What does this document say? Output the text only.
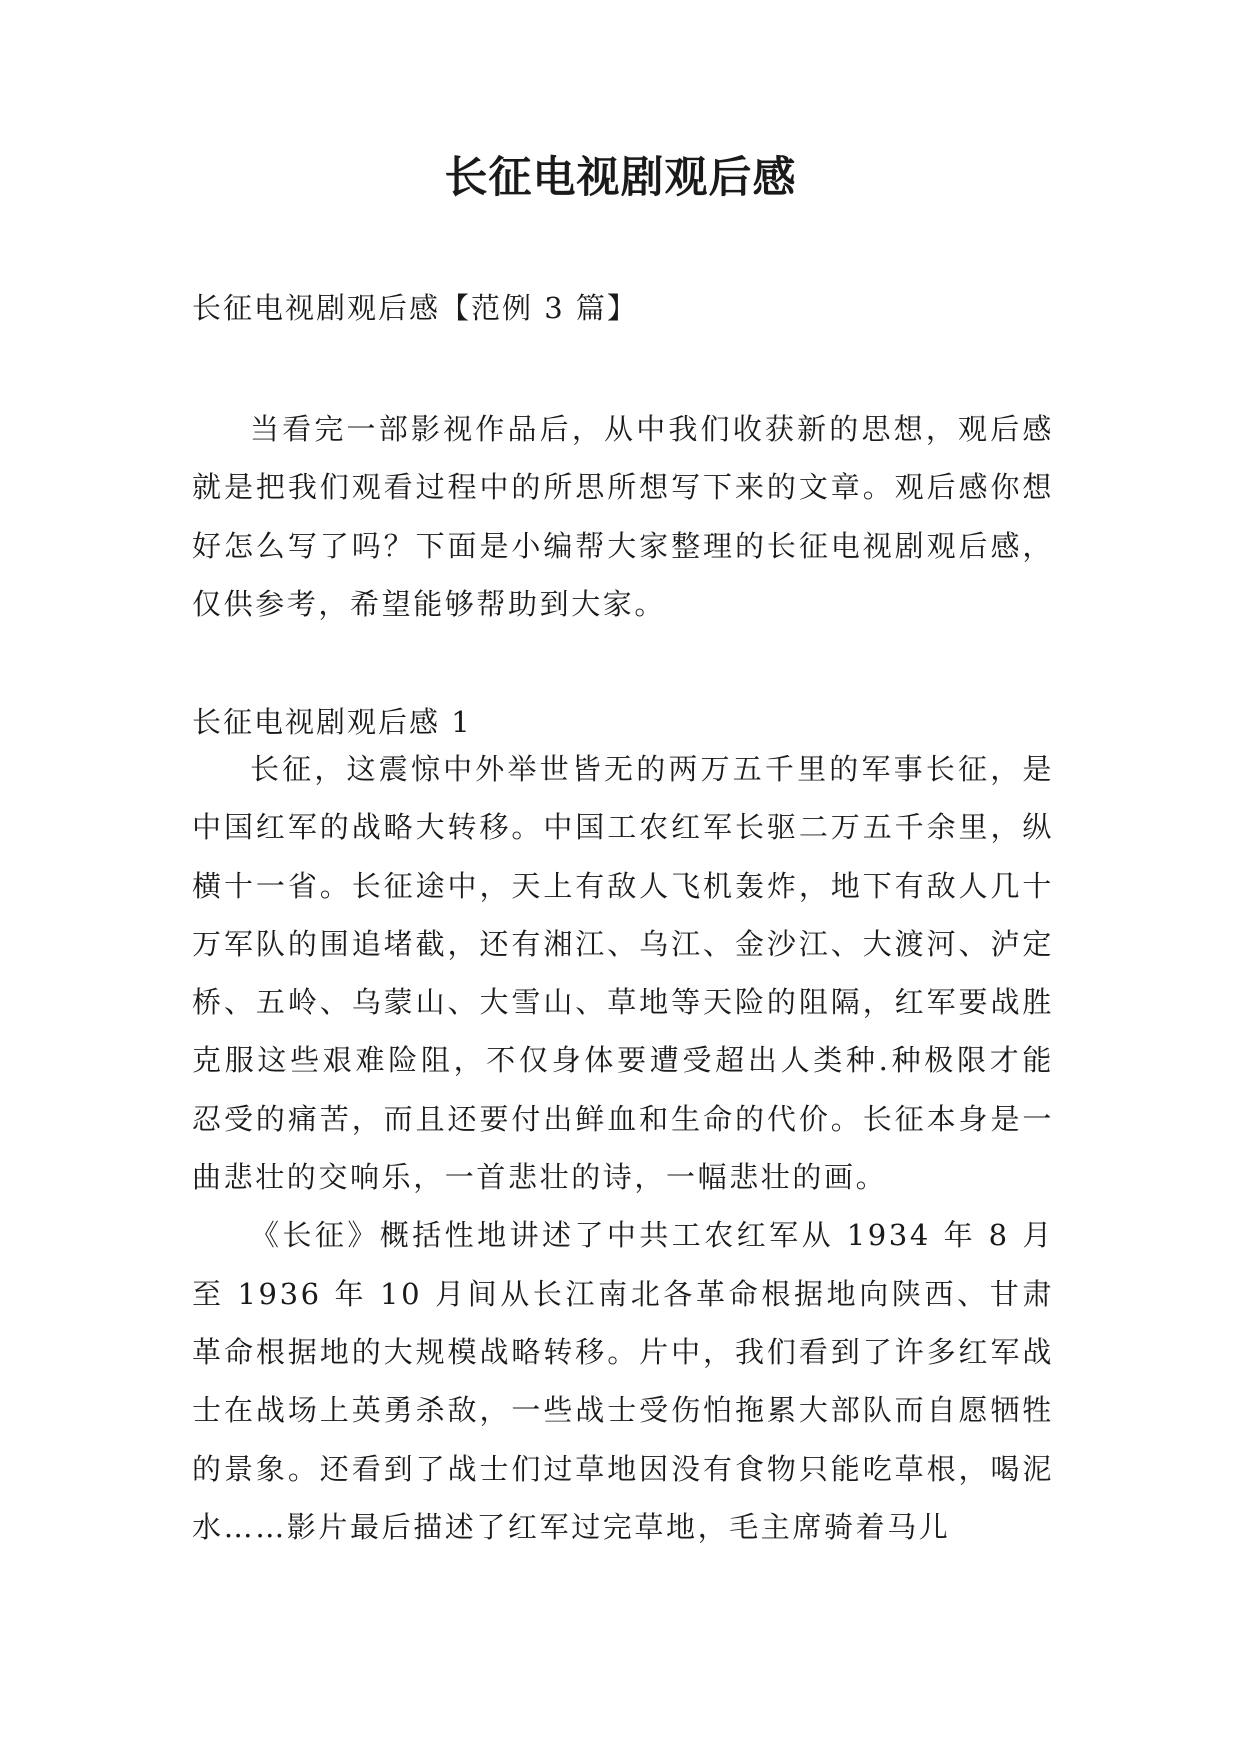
长征电视剧观后感
长征电视剧观后感【范例 3 篇】

当看完一部影视作品后，从中我们收获新的思想，观后感就是把我们观看过程中的所思所想写下来的文章。观后感你想好怎么写了吗？下面是小编帮大家整理的长征电视剧观后感，仅供参考，希望能够帮助到大家。

长征电视剧观后感 1

长征，这震惊中外举世皆无的两万五千里的军事长征，是中国红军的战略大转移。中国工农红军长驱二万五千余里，纵横十一省。长征途中，天上有敌人飞机轰炸，地下有敌人几十万军队的围追堵截，还有湘江、乌江、金沙江、大渡河、泸定桥、五岭、乌蒙山、大雪山、草地等天险的阻隔，红军要战胜克服这些艰难险阻，不仅身体要遭受超出人类种.种极限才能忍受的痛苦，而且还要付出鲜血和生命的代价。长征本身是一曲悲壮的交响乐，一首悲壮的诗，一幅悲壮的画。

《长征》概括性地讲述了中共工农红军从 1934 年 8 月至 1936 年 10 月间从长江南北各革命根据地向陕西、甘肃革命根据地的大规模战略转移。片中，我们看到了许多红军战士在战场上英勇杀敌，一些战士受伤怕拖累大部队而自愿牺牲的景象。还看到了战士们过草地因没有食物只能吃草根，喝泥水……影片最后描述了红军过完草地，毛主席骑着马儿
